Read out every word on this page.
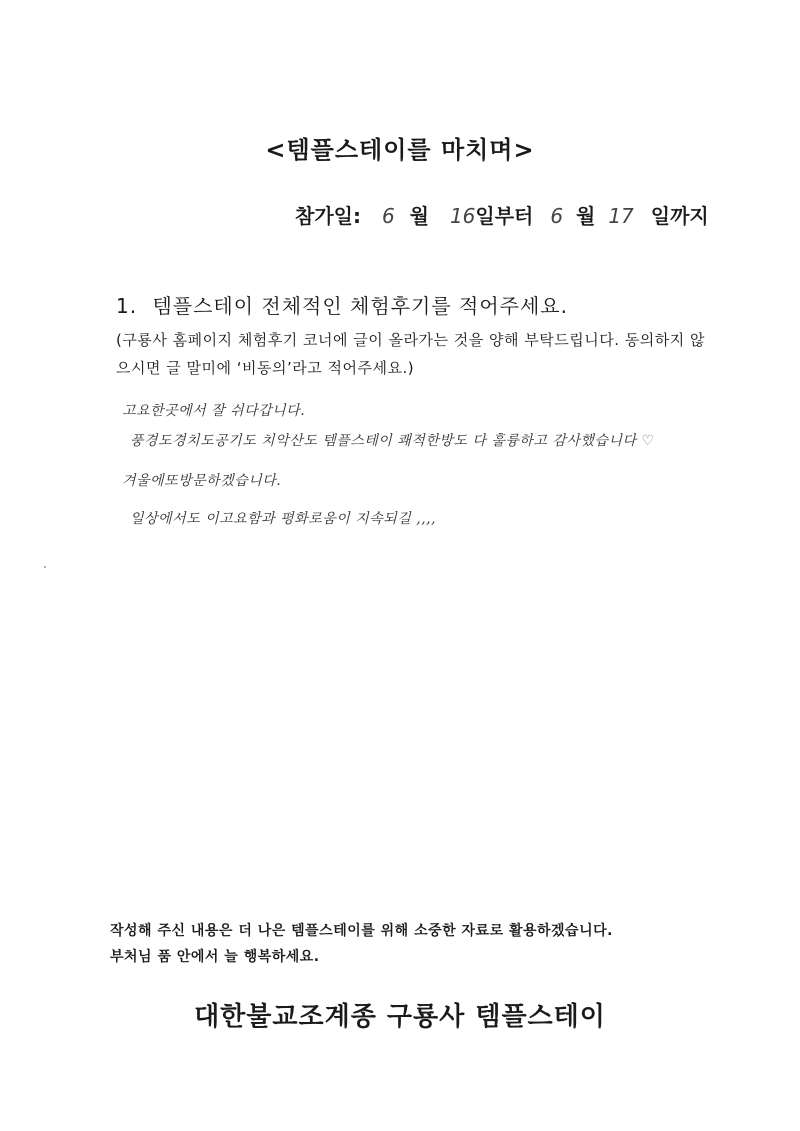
<템플스테이를 마치며>
참가일: 6 월 16일부터 6 월 17 일까지
1. 템플스테이 전체적인 체험후기를 적어주세요.
(구룡사 홈페이지 체험후기 코너에 글이 올라가는 것을 양해 부탁드립니다. 동의하지 않으시면 글 말미에 ‘비동의’라고 적어주세요.)
고요한곳에서 잘 쉬다갑니다.
풍경도경치도공기도 치악산도 템플스테이 쾌적한방도 다 훌륭하고 감사했습니다 ♡
겨울에또방문하겠습니다.
일상에서도 이고요함과 평화로움이 지속되길 ,,,,
작성해 주신 내용은 더 나은 템플스테이를 위해 소중한 자료로 활용하겠습니다.
부처님 품 안에서 늘 행복하세요.
대한불교조계종 구룡사 템플스테이
